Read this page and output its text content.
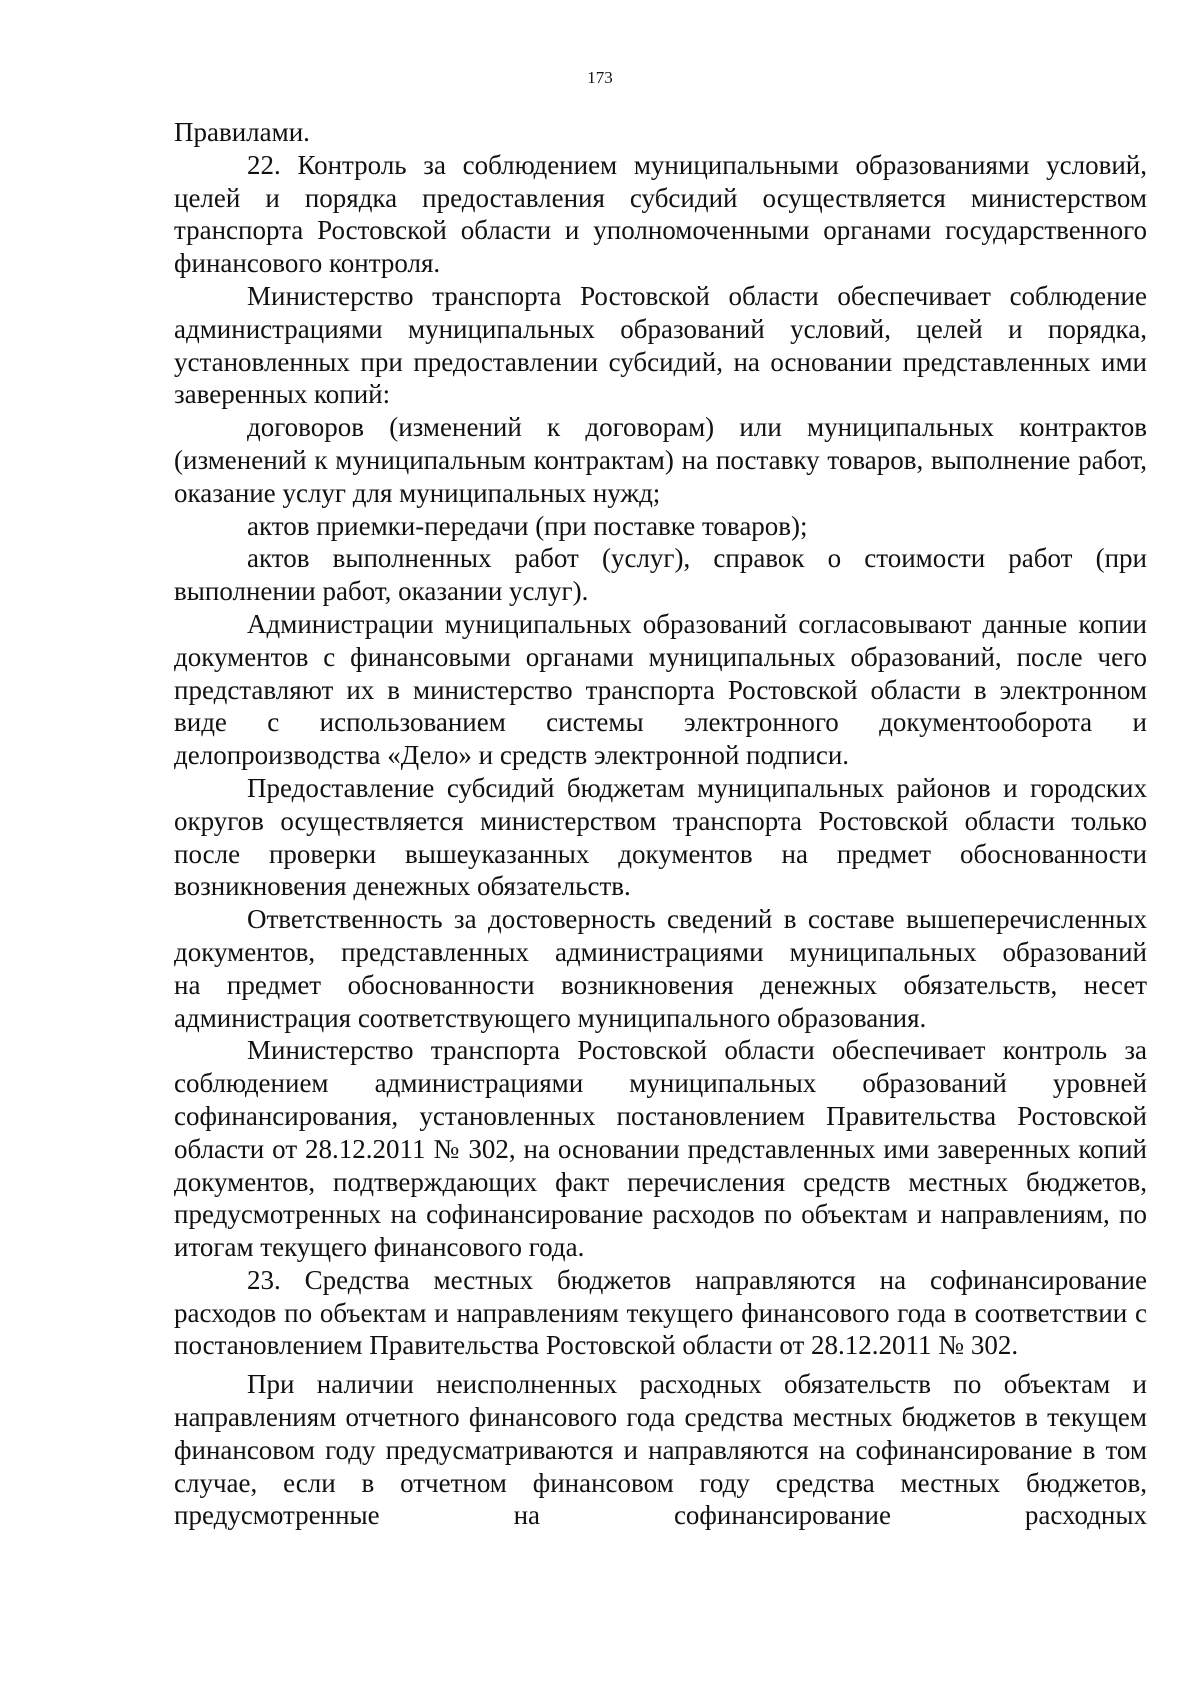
173

Правилами.

22. Контроль за соблюдением муниципальными образованиями условий, целей и порядка предоставления субсидий осуществляется министерством транспорта Ростовской области и уполномоченными органами государственного финансового контроля.

Министерство транспорта Ростовской области обеспечивает соблюдение администрациями муниципальных образований условий, целей и порядка, установленных при предоставлении субсидий, на основании представленных ими заверенных копий:

договоров (изменений к договорам) или муниципальных контрактов (изменений к муниципальным контрактам) на поставку товаров, выполнение работ, оказание услуг для муниципальных нужд;

актов приемки-передачи (при поставке товаров);

актов выполненных работ (услуг), справок о стоимости работ (при выполнении работ, оказании услуг).

Администрации муниципальных образований согласовывают данные копии документов с финансовыми органами муниципальных образований, после чего представляют их в министерство транспорта Ростовской области в электронном виде с использованием системы электронного документооборота и делопроизводства «Дело» и средств электронной подписи.

Предоставление субсидий бюджетам муниципальных районов и городских округов осуществляется министерством транспорта Ростовской области только после проверки вышеуказанных документов на предмет обоснованности возникновения денежных обязательств.

Ответственность за достоверность сведений в составе вышеперечисленных документов, представленных администрациями муниципальных образований

на предмет обоснованности возникновения денежных обязательств, несет администрация соответствующего муниципального образования.

Министерство транспорта Ростовской области обеспечивает контроль за соблюдением администрациями муниципальных образований уровней софинансирования, установленных постановлением Правительства Ростовской области от 28.12.2011 № 302, на основании представленных ими заверенных копий документов, подтверждающих факт перечисления средств местных бюджетов, предусмотренных на софинансирование расходов по объектам и направлениям, по итогам текущего финансового года.

23. Средства местных бюджетов направляются на софинансирование расходов по объектам и направлениям текущего финансового года в соответствии с постановлением Правительства Ростовской области от 28.12.2011 № 302.

При наличии неисполненных расходных обязательств по объектам и направлениям отчетного финансового года средства местных бюджетов в текущем финансовом году предусматриваются и направляются на софинансирование в том случае, если в отчетном финансовом году средства местных бюджетов, предусмотренные на софинансирование расходных
